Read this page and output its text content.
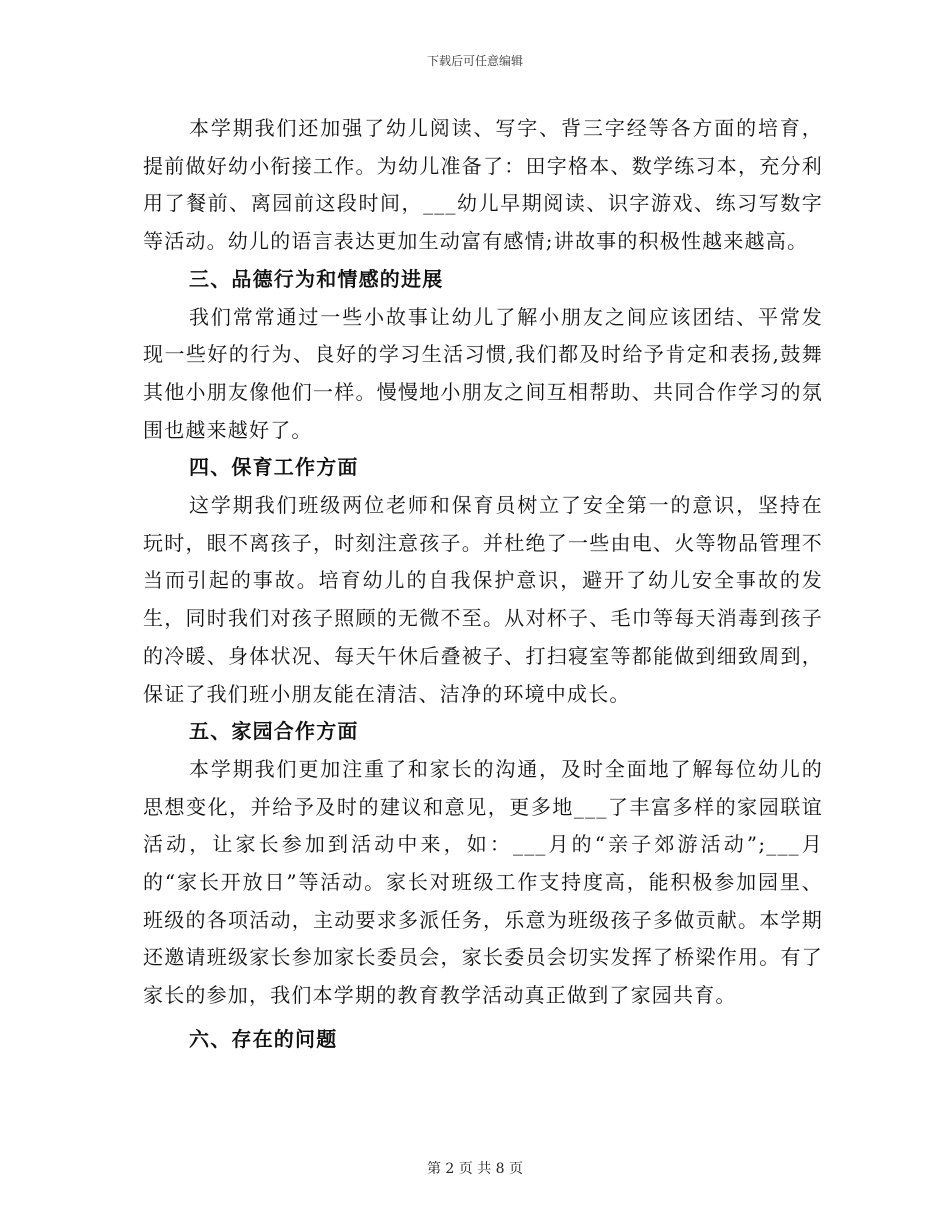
下载后可任意编辑

本学期我们还加强了幼儿阅读、写字、背三字经等各方面的培育，提前做好幼小衔接工作。为幼儿准备了：田字格本、数学练习本，充分利用了餐前、离园前这段时间，___幼儿早期阅读、识字游戏、练习写数字等活动。幼儿的语言表达更加生动富有感情;讲故事的积极性越来越高。

三、品德行为和情感的进展

我们常常通过一些小故事让幼儿了解小朋友之间应该团结、平常发现一些好的行为、良好的学习生活习惯,我们都及时给予肯定和表扬,鼓舞其他小朋友像他们一样。慢慢地小朋友之间互相帮助、共同合作学习的氛围也越来越好了。

四、保育工作方面

这学期我们班级两位老师和保育员树立了安全第一的意识，坚持在玩时，眼不离孩子，时刻注意孩子。并杜绝了一些由电、火等物品管理不当而引起的事故。培育幼儿的自我保护意识，避开了幼儿安全事故的发生，同时我们对孩子照顾的无微不至。从对杯子、毛巾等每天消毒到孩子的冷暖、身体状况、每天午休后叠被子、打扫寝室等都能做到细致周到，保证了我们班小朋友能在清洁、洁净的环境中成长。

五、家园合作方面

本学期我们更加注重了和家长的沟通，及时全面地了解每位幼儿的思想变化，并给予及时的建议和意见，更多地___了丰富多样的家园联谊活动，让家长参加到活动中来，如：___月的“亲子郊游活动”;___月的“家长开放日”等活动。家长对班级工作支持度高，能积极参加园里、班级的各项活动，主动要求多派任务，乐意为班级孩子多做贡献。本学期还邀请班级家长参加家长委员会，家长委员会切实发挥了桥梁作用。有了家长的参加，我们本学期的教育教学活动真正做到了家园共育。

六、存在的问题

第 2 页 共 8 页
